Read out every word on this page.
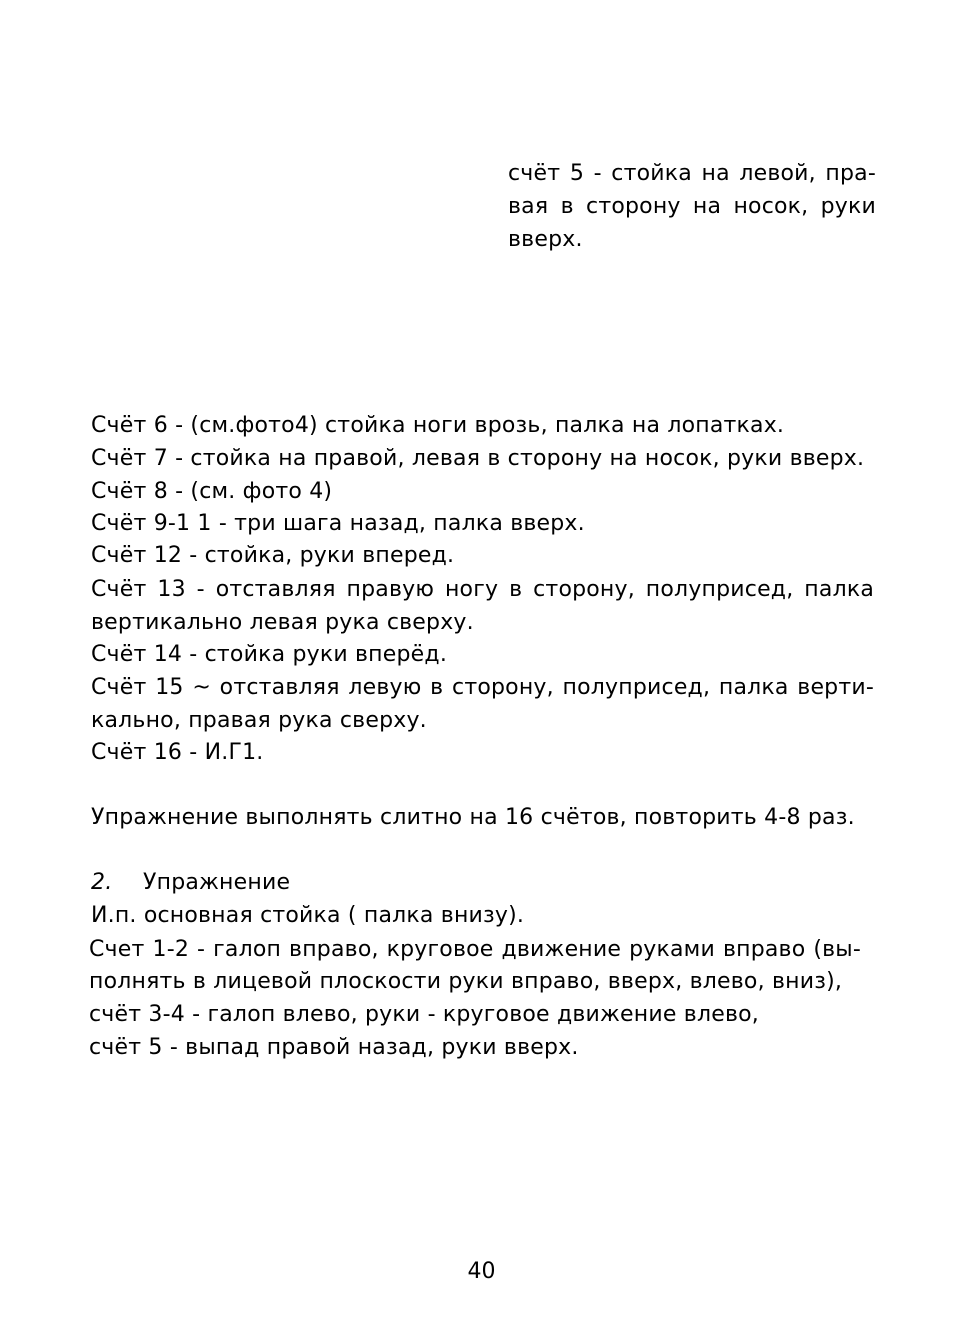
счёт 5 - стойка на левой, пра-
вая в сторону на носок, руки
вверх.
Счёт 6 - (см.фото4) стойка ноги врозь, палка на лопатках.
Счёт 7 - стойка на правой, левая в сторону на носок, руки вверх.
Счёт 8 - (см. фото 4)
Счёт 9-1 1 - три шага назад, палка вверх.
Счёт 12 - стойка, руки вперед.
Счёт 13 - отставляя правую ногу в сторону, полуприсед, палка
вертикально левая рука сверху.
Счёт 14 - стойка руки вперёд.
Счёт 15 ~ отставляя левую в сторону, полуприсед, палка верти-
кально, правая рука сверху.
Счёт 16 - И.Г1.
Упражнение выполнять слитно на 16 счётов, повторить 4-8 раз.
2. Упражнение
И.п. основная стойка ( палка внизу).
Счет 1-2 - галоп вправо, круговое движение руками вправо (вы-
полнять в лицевой плоскости руки вправо, вверх, влево, вниз),
счёт 3-4 - галоп влево, руки - круговое движение влево,
счёт 5 - выпад правой назад, руки вверх.
40
